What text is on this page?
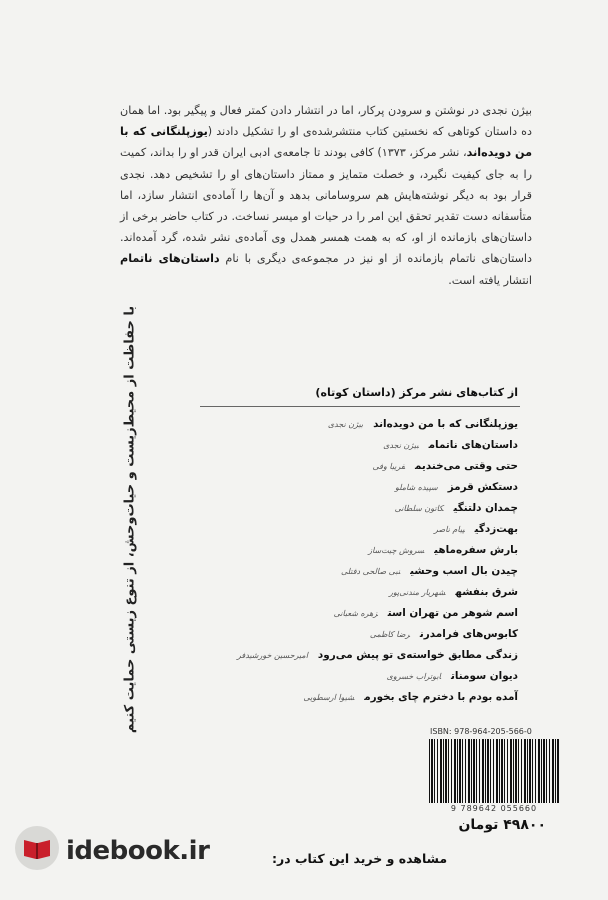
بیژن نجدی در نوشتن و سرودن پرکار، اما در انتشار دادن کمتر فعال و پیگیر بود. اما همان ده داستان کوتاهی که نخستین کتاب منتشرشده‌ی او را تشکیل دادند (یوزپلنگانی که با من دویده‌اند، نشر مرکز، ۱۳۷۳) کافی بودند تا جامعه‌ی ادبی ایران قدر او را بداند، کمیت را به جای کیفیت نگیرد، و خصلت متمایز و ممتاز داستان‌های او را تشخیص دهد. نجدی قرار بود به دیگر نوشته‌هایش هم سروسامانی بدهد و آن‌ها را آماده‌ی انتشار سازد، اما متأسفانه دست تقدیر تحقق این امر را در حیات او میسر نساخت. در کتاب حاضر برخی از داستان‌های بازمانده از او، که به همت همسر همدل وی آماده‌ی نشر شده، گرد آمده‌اند. داستان‌های ناتمام بازمانده از او نیز در مجموعه‌ی دیگری با نام داستان‌های ناتمام انتشار یافته است.

با حفاظت از محیط‌زیست و حیات‌وحش، از تنوع زیستی حمایت کنیم	از کتاب‌های نشر مرکز (داستان کوتاه)
یوزپلنگانی که با من دویده‌اندبیژن نجدی
داستان‌های ناتمامبیژن نجدی
حتی وقتی می‌خندیمفریبا وفی
دستکش قرمزسپیده شاملو
چمدان دلتنگیکاتون سلطانی
بهت‌زدگیپیام ناصر
بارش سفره‌ماهیسروش چیت‌ساز
چیدن بال اسب وحشینبی صالحی دفتلی
شرق بنفشهشهریار مندنی‌پور
اسم شوهر من تهران استزهره شعبانی
کابوس‌های فرامدرنرضا کاظمی
زندگی مطابق خواسته‌ی تو پیش می‌رودامیرحسین خورشیدفر
دیوان سومناتابوتراب خسروی
آمده بودم با دخترم چای بخورمشیوا ارسطویی
ISBN: 978-964-205-566-0
9 789642 055660
۴۹۸۰۰ تومان
idebook.ir	مشاهده و خرید این کتاب در:
